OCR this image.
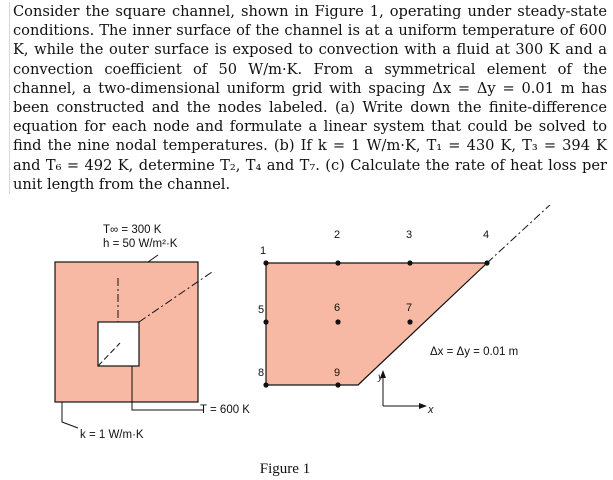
Consider the square channel, shown in Figure 1, operating under steady-state conditions. The inner surface of the channel is at a uniform temperature of 600 K, while the outer surface is exposed to convection with a fluid at 300 K and a convection coefficient of 50 W/m·K. From a symmetrical element of the channel, a two-dimensional uniform grid with spacing Δx = Δy = 0.01 m has been constructed and the nodes labeled. (a) Write down the finite-difference equation for each node and formulate a linear system that could be solved to find the nine nodal temperatures. (b) If k = 1 W/m·K, T₁ = 430 K, T₃ = 394 K and T₆ = 492 K, determine T₂, T₄ and T₇. (c) Calculate the rate of heat loss per unit length from the channel.
1
2	3	4
5	6	7
8	9
T∞ = 300 K
h = 50 W/m²·K
T = 600 K
k = 1 W/m·K
Δx = Δy = 0.01 m
x
y
Figure 1
